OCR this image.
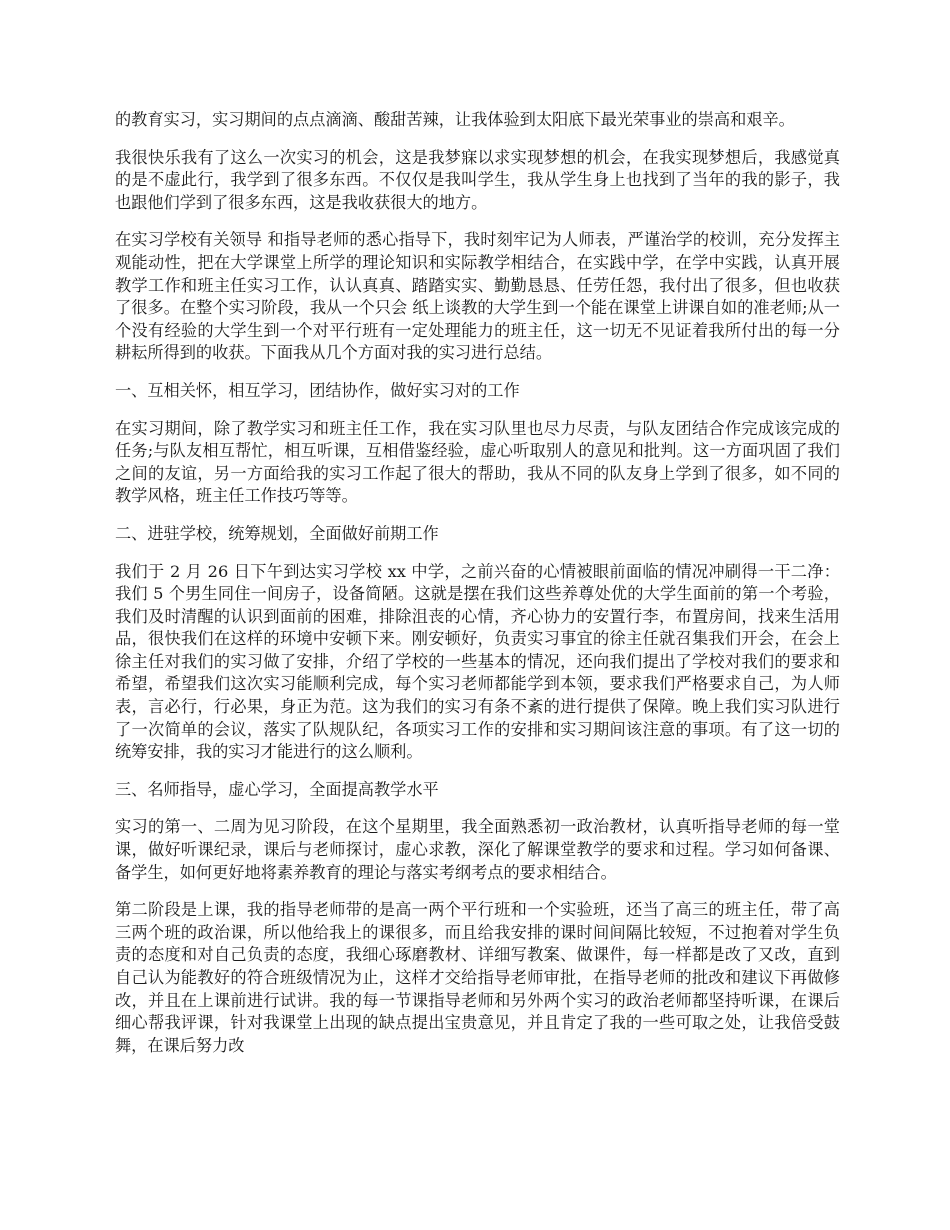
的教育实习，实习期间的点点滴滴、酸甜苦辣，让我体验到太阳底下最光荣事业的崇高和艰辛。

我很快乐我有了这么一次实习的机会，这是我梦寐以求实现梦想的机会，在我实现梦想后，我感觉真的是不虚此行，我学到了很多东西。不仅仅是我叫学生，我从学生身上也找到了当年的我的影子，我也跟他们学到了很多东西，这是我收获很大的地方。

在实习学校有关领导 和指导老师的悉心指导下，我时刻牢记为人师表，严谨治学的校训，充分发挥主观能动性，把在大学课堂上所学的理论知识和实际教学相结合，在实践中学，在学中实践，认真开展教学工作和班主任实习工作，认认真真、踏踏实实、勤勤恳恳、任劳任怨，我付出了很多，但也收获了很多。在整个实习阶段，我从一个只会 纸上谈教的大学生到一个能在课堂上讲课自如的准老师;从一个没有经验的大学生到一个对平行班有一定处理能力的班主任，这一切无不见证着我所付出的每一分耕耘所得到的收获。下面我从几个方面对我的实习进行总结。

一、互相关怀，相互学习，团结协作，做好实习对的工作

在实习期间，除了教学实习和班主任工作，我在实习队里也尽力尽责，与队友团结合作完成该完成的任务;与队友相互帮忙，相互听课，互相借鉴经验，虚心听取别人的意见和批判。这一方面巩固了我们之间的友谊，另一方面给我的实习工作起了很大的帮助，我从不同的队友身上学到了很多，如不同的教学风格，班主任工作技巧等等。

二、进驻学校，统筹规划，全面做好前期工作

我们于 2 月 26 日下午到达实习学校 xx 中学，之前兴奋的心情被眼前面临的情况冲刷得一干二净：我们 5 个男生同住一间房子，设备简陋。这就是摆在我们这些养尊处优的大学生面前的第一个考验，我们及时清醒的认识到面前的困难，排除沮丧的心情，齐心协力的安置行李，布置房间，找来生活用品，很快我们在这样的环境中安顿下来。刚安顿好，负责实习事宜的徐主任就召集我们开会，在会上徐主任对我们的实习做了安排，介绍了学校的一些基本的情况，还向我们提出了学校对我们的要求和希望，希望我们这次实习能顺利完成，每个实习老师都能学到本领，要求我们严格要求自己，为人师表，言必行，行必果，身正为范。这为我们的实习有条不紊的进行提供了保障。晚上我们实习队进行了一次简单的会议，落实了队规队纪，各项实习工作的安排和实习期间该注意的事项。有了这一切的统筹安排，我的实习才能进行的这么顺利。

三、名师指导，虚心学习，全面提高教学水平

实习的第一、二周为见习阶段，在这个星期里，我全面熟悉初一政治教材，认真听指导老师的每一堂课，做好听课纪录，课后与老师探讨，虚心求教，深化了解课堂教学的要求和过程。学习如何备课、备学生，如何更好地将素养教育的理论与落实考纲考点的要求相结合。

第二阶段是上课，我的指导老师带的是高一两个平行班和一个实验班，还当了高三的班主任，带了高三两个班的政治课，所以他给我上的课很多，而且给我安排的课时间间隔比较短，不过抱着对学生负责的态度和对自己负责的态度，我细心琢磨教材、详细写教案、做课件，每一样都是改了又改，直到自己认为能教好的符合班级情况为止，这样才交给指导老师审批，在指导老师的批改和建议下再做修改，并且在上课前进行试讲。我的每一节课指导老师和另外两个实习的政治老师都坚持听课，在课后细心帮我评课，针对我课堂上出现的缺点提出宝贵意见，并且肯定了我的一些可取之处，让我倍受鼓舞，在课后努力改
